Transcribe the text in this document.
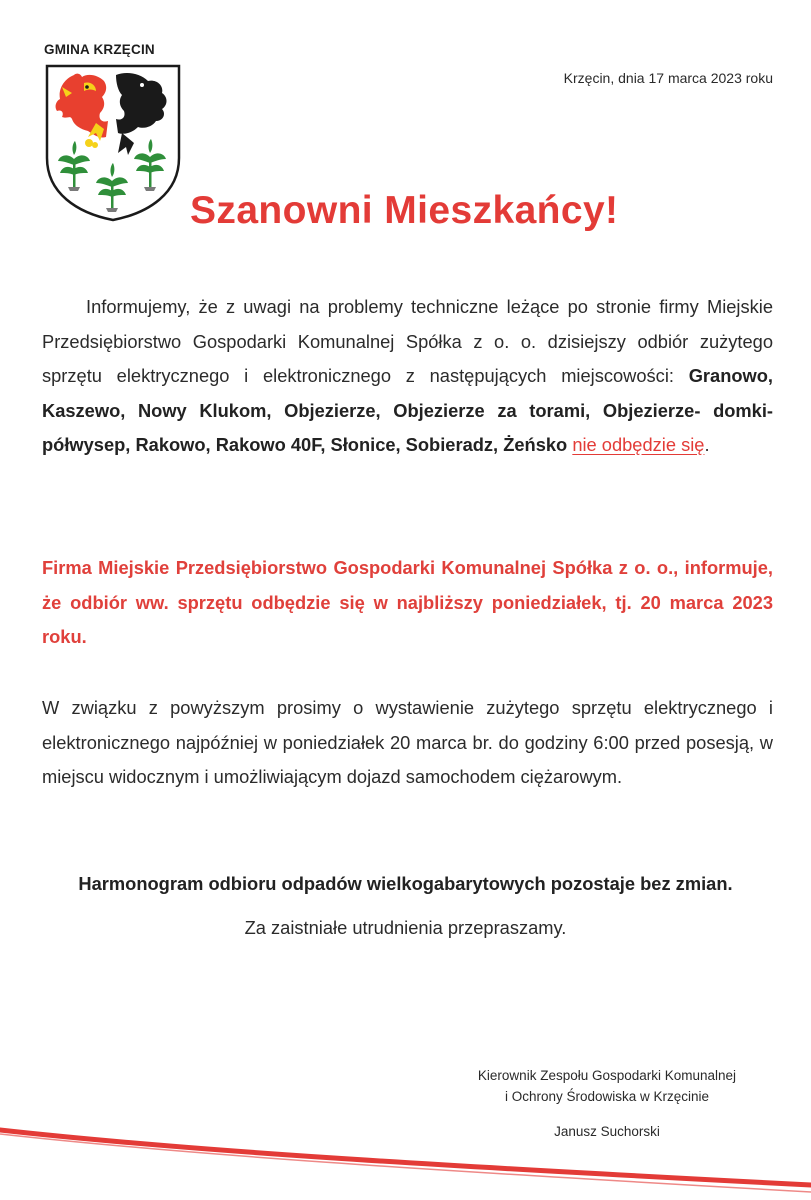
GMINA KRZĘCIN
Krzęcin, dnia 17 marca 2023 roku
Szanowni Mieszkańcy!
Informujemy, że z uwagi na problemy techniczne leżące po stronie firmy Miejskie Przedsiębiorstwo Gospodarki Komunalnej Spółka z o. o. dzisiejszy odbiór zużytego sprzętu elektrycznego i elektronicznego z następujących miejscowości: Granowo, Kaszewo, Nowy Klukom, Objezierze, Objezierze za torami, Objezierze- domki- półwysep, Rakowo, Rakowo 40F, Słonice, Sobieradz, Żeńsko nie odbędzie się.
Firma Miejskie Przedsiębiorstwo Gospodarki Komunalnej Spółka z o. o., informuje, że odbiór ww. sprzętu odbędzie się w najbliższy poniedziałek, tj. 20 marca 2023 roku.
W związku z powyższym prosimy o wystawienie zużytego sprzętu elektrycznego i elektronicznego najpóźniej w poniedziałek 20 marca br. do godziny 6:00 przed posesją, w miejscu widocznym i umożliwiającym dojazd samochodem ciężarowym.
Harmonogram odbioru odpadów wielkogabarytowych pozostaje bez zmian.
Za zaistniałe utrudnienia przepraszamy.
Kierownik Zespołu Gospodarki Komunalnej
i Ochrony Środowiska w Krzęcinie
Janusz Suchorski
